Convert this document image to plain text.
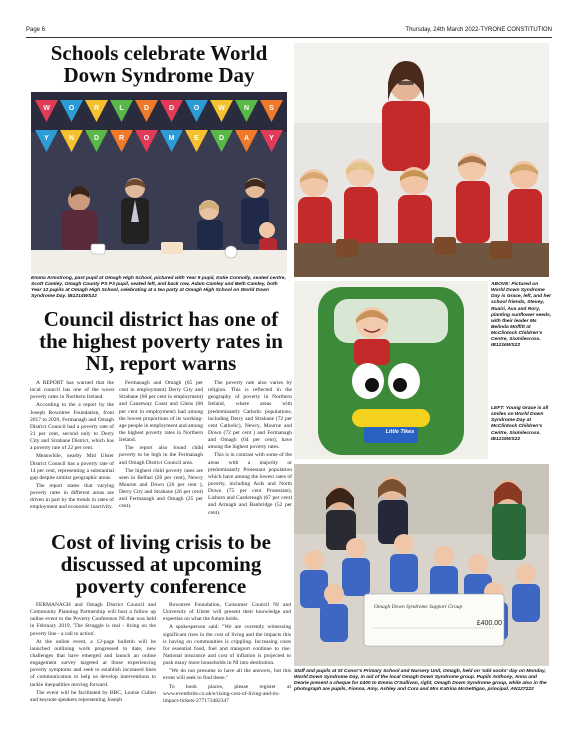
Page 6	Thursday, 24th March 2022-TYRONE CONSTITUTION
Schools celebrate World Down Syndrome Day
W	O	R	L	D	D	O	W	N	S
Y	N	D	R	O	M	E	D	A	Y

Emma Armstrong, past pupil at Omagh High School, pictured with Year 9 pupil, Katie Connolly, seated centre, Scott Camley, Omagh County PS P3 pupil, seated left, and back row, Adam Camley and Beth Camley, both Year 12 pupils at Omagh High School, celebrating at a tea party at Omagh High School on World Down Syndrome Day. IB1214WS22

Council district has one of the highest poverty rates in NI, report warns

A REPORT has warned that the local council has one of the worst poverty rates in Northern Ireland.

According to the a report by the Joseph Rowntree Foundation, from 2017 to 2020, Fermanagh and Omagh District Council had a poverty rate of 21 per cent, second only to Derry City and Strabane District, which has a poverty rate of 22 per cent.

Meanwhile, nearby Mid Ulster District Council has a poverty rate of 14 per cent, representing a substantial gap despite similar geographic areas.

The report states that varying poverty rates in different areas are driven in part by the trends in rates of employment and economic inactivity.

Fermanagh and Omagh (65 per cent in employment) Derry City and Strabane (68 per cent in employment) and Causeway Coast and Glens (68 per cent in employment) had among the lowest proportions of its working-age people in employment and among the highest poverty rates in Northern Ireland.

The report also found child poverty to be high in the Fermanagh and Omagh District Council area.

The highest child poverty rates are seen in Belfast (26 per cent), Newry Mourne and Down (26 per cent ), Derry City and Strabane (26 per cent) and Fermanagh and Omagh (25 per cent).

The poverty rate also varies by religion. This is reflected in the geography of poverty in Northern Ireland, where areas with predominantly Catholic populations, including Derry and Strabane (72 per cent Catholic), Newry, Mourne and Down (72 per cent ) and Fermanagh and Omagh (64 per cent), have among the highest poverty rates.

This is in contrast with some of the areas with a majority or predominantly Protestant population which have among the lowest rates of poverty, including Ards and North Down (75 per cent Protestant), Lisburn and Castlereagh (67 per cent) and Armagh and Banbridge (52 per cent).

Little Tikes

ABOVE: Pictured on World Down Syndrome Day is Grace, left, and her school friends, Stevey, Ruairi, Ava and Rory, planting sunflower seeds, with their leader Ms Belinda Moffitt at McClintock Children's Centre, Sixmilecross. IB1216WS22

LEFT: Young Grace is all smiles on World Down Syndrome Day at McClintock Children's Centre, Sixmilecross. IB1215WS22

Cost of living crisis to be discussed at upcoming poverty conference

FERMANAGH and Omagh District Council and Community Planning Partnership will host a follow up online event to the Poverty Conference NI that was held in February 2019, 'The Struggle is real - living on the poverty line - a call to action'.

At the online event, a 12-page bulletin will be launched outlining work progressed to date, new challenges that have emerged and launch an online engagement survey targeted at those experiencing poverty symptoms and seek to establish increased lines of communication to help us develop interventions to tackle inequalities moving forward.

The event will be facilitated by BBC, Louise Cullen and keynote speakers representing Joseph

Rowntree Foundation, Consumer Council NI and University of Ulster will present their knowledge and expertise on what the future holds.

A spokesperson said: "We are currently witnessing significant rises in the cost of living and the impacts this is having on communities is crippling. Increasing costs for essential food, fuel and transport continue to rise. National insurance and cost of inflation is projected to push many more households in NI into destitution.

"We do not presume to have all the answers, but this event will seek to find these."

To book places, please register at www.eventbrite.co.uk/e/rising-cost-of-living-and-its-impact-tickets-277173482347

Omagh Down Syndrome Support Group
£400.00

Staff and pupils at St Conor's Primary School and Nursery Unit, Omagh, held on 'odd socks' day on Monday, World Down Syndrome Day, in aid of the local Omagh Down Syndrome group. Pupils Anthony, Anna and Dearie present a cheque for £400 to Emma O'Sullivan, right, Omagh Down Syndrome group, while also in the photograph are pupils, Fionna, Amy, Ashley and Cora and Mrs Katrina McGettigan, principal. AN127222
